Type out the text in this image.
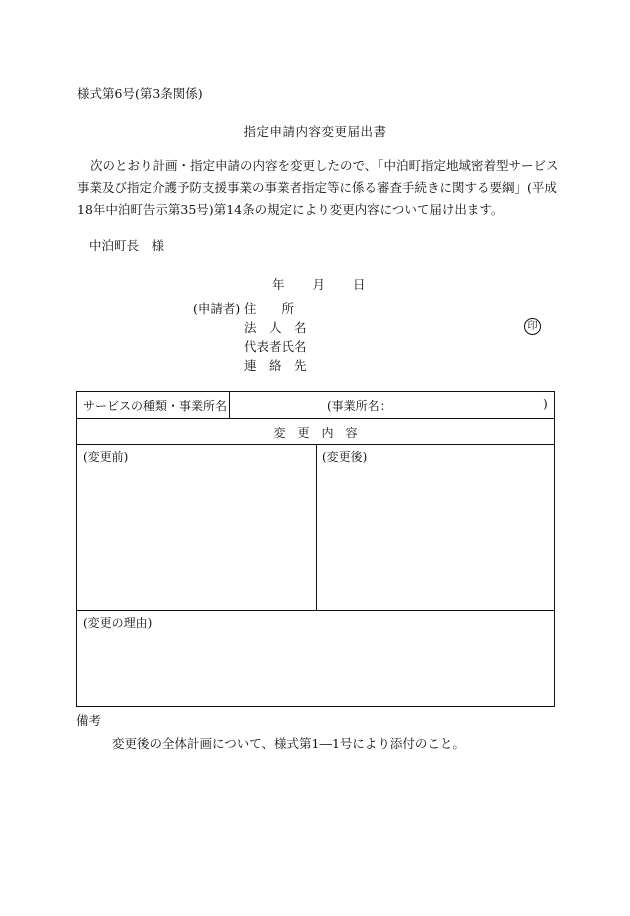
様式第6号(第3条関係)
指定申請内容変更届出書
次のとおり計画・指定申請の内容を変更したので、「中泊町指定地域密着型サービス事業及び指定介護予防支援事業の事業者指定等に係る審査手続きに関する要綱」(平成18年中泊町告示第35号)第14条の規定により変更内容について届け出ます。
中泊町長　様
年 月 日
(申請者) 住　　所
法　人　名
代表者氏名
連　絡　先
印
サービスの種類・事業所名	(事業所名：	)
変　更　内　容
(変更前)	(変更後)
(変更の理由)
備考
変更後の全体計画について、様式第1―1号により添付のこと。
